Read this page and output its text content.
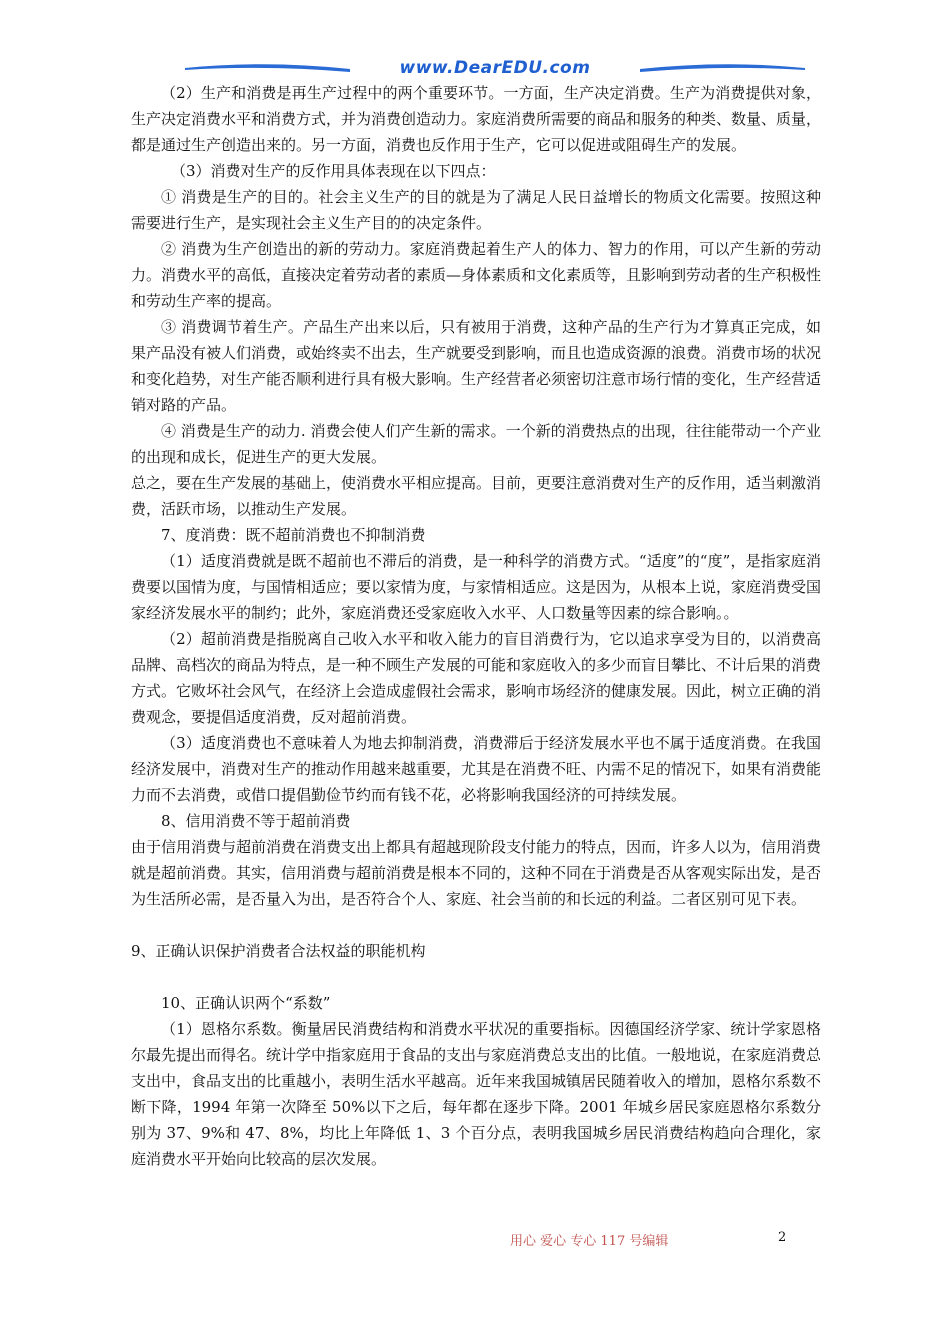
www.DearEDU.com

（2）生产和消费是再生产过程中的两个重要环节。一方面，生产决定消费。生产为消费提供对象，生产决定消费水平和消费方式，并为消费创造动力。家庭消费所需要的商品和服务的种类、数量、质量，都是通过生产创造出来的。另一方面，消费也反作用于生产，它可以促进或阻碍生产的发展。

（3）消费对生产的反作用具体表现在以下四点：

① 消费是生产的目的。社会主义生产的目的就是为了满足人民日益增长的物质文化需要。按照这种需要进行生产，是实现社会主义生产目的的决定条件。

② 消费为生产创造出的新的劳动力。家庭消费起着生产人的体力、智力的作用，可以产生新的劳动力。消费水平的高低，直接决定着劳动者的素质—身体素质和文化素质等，且影响到劳动者的生产积极性和劳动生产率的提高。

③ 消费调节着生产。产品生产出来以后，只有被用于消费，这种产品的生产行为才算真正完成，如果产品没有被人们消费，或始终卖不出去，生产就要受到影响，而且也造成资源的浪费。消费市场的状况和变化趋势，对生产能否顺利进行具有极大影响。生产经营者必须密切注意市场行情的变化，生产经营适销对路的产品。

④ 消费是生产的动力. 消费会使人们产生新的需求。一个新的消费热点的出现，往往能带动一个产业的出现和成长，促进生产的更大发展。

总之，要在生产发展的基础上，使消费水平相应提高。目前，更要注意消费对生产的反作用，适当刺激消费，活跃市场，以推动生产发展。

7、度消费：既不超前消费也不抑制消费

（1）适度消费就是既不超前也不滞后的消费，是一种科学的消费方式。“适度”的“度”，是指家庭消费要以国情为度，与国情相适应；要以家情为度，与家情相适应。这是因为，从根本上说，家庭消费受国家经济发展水平的制约；此外，家庭消费还受家庭收入水平、人口数量等因素的综合影响。。

（2）超前消费是指脱离自己收入水平和收入能力的盲目消费行为，它以追求享受为目的，以消费高品牌、高档次的商品为特点，是一种不顾生产发展的可能和家庭收入的多少而盲目攀比、不计后果的消费方式。它败坏社会风气，在经济上会造成虚假社会需求，影响市场经济的健康发展。因此，树立正确的消费观念，要提倡适度消费，反对超前消费。

（3）适度消费也不意味着人为地去抑制消费，消费滞后于经济发展水平也不属于适度消费。在我国经济发展中，消费对生产的推动作用越来越重要，尤其是在消费不旺、内需不足的情况下，如果有消费能力而不去消费，或借口提倡勤俭节约而有钱不花，必将影响我国经济的可持续发展。

8、信用消费不等于超前消费

由于信用消费与超前消费在消费支出上都具有超越现阶段支付能力的特点，因而，许多人以为，信用消费就是超前消费。其实，信用消费与超前消费是根本不同的，这种不同在于消费是否从客观实际出发，是否为生活所必需，是否量入为出，是否符合个人、家庭、社会当前的和长远的利益。二者区别可见下表。

9、正确认识保护消费者合法权益的职能机构

10、正确认识两个“系数”

（1）恩格尔系数。衡量居民消费结构和消费水平状况的重要指标。因德国经济学家、统计学家恩格尔最先提出而得名。统计学中指家庭用于食品的支出与家庭消费总支出的比值。一般地说，在家庭消费总支出中，食品支出的比重越小，表明生活水平越高。近年来我国城镇居民随着收入的增加，恩格尔系数不断下降，1994 年第一次降至 50%以下之后，每年都在逐步下降。2001 年城乡居民家庭恩格尔系数分别为 37、9%和 47、8%，均比上年降低 1、3 个百分点，表明我国城乡居民消费结构趋向合理化，家庭消费水平开始向比较高的层次发展。

用心 爱心 专心 117 号编辑	2
